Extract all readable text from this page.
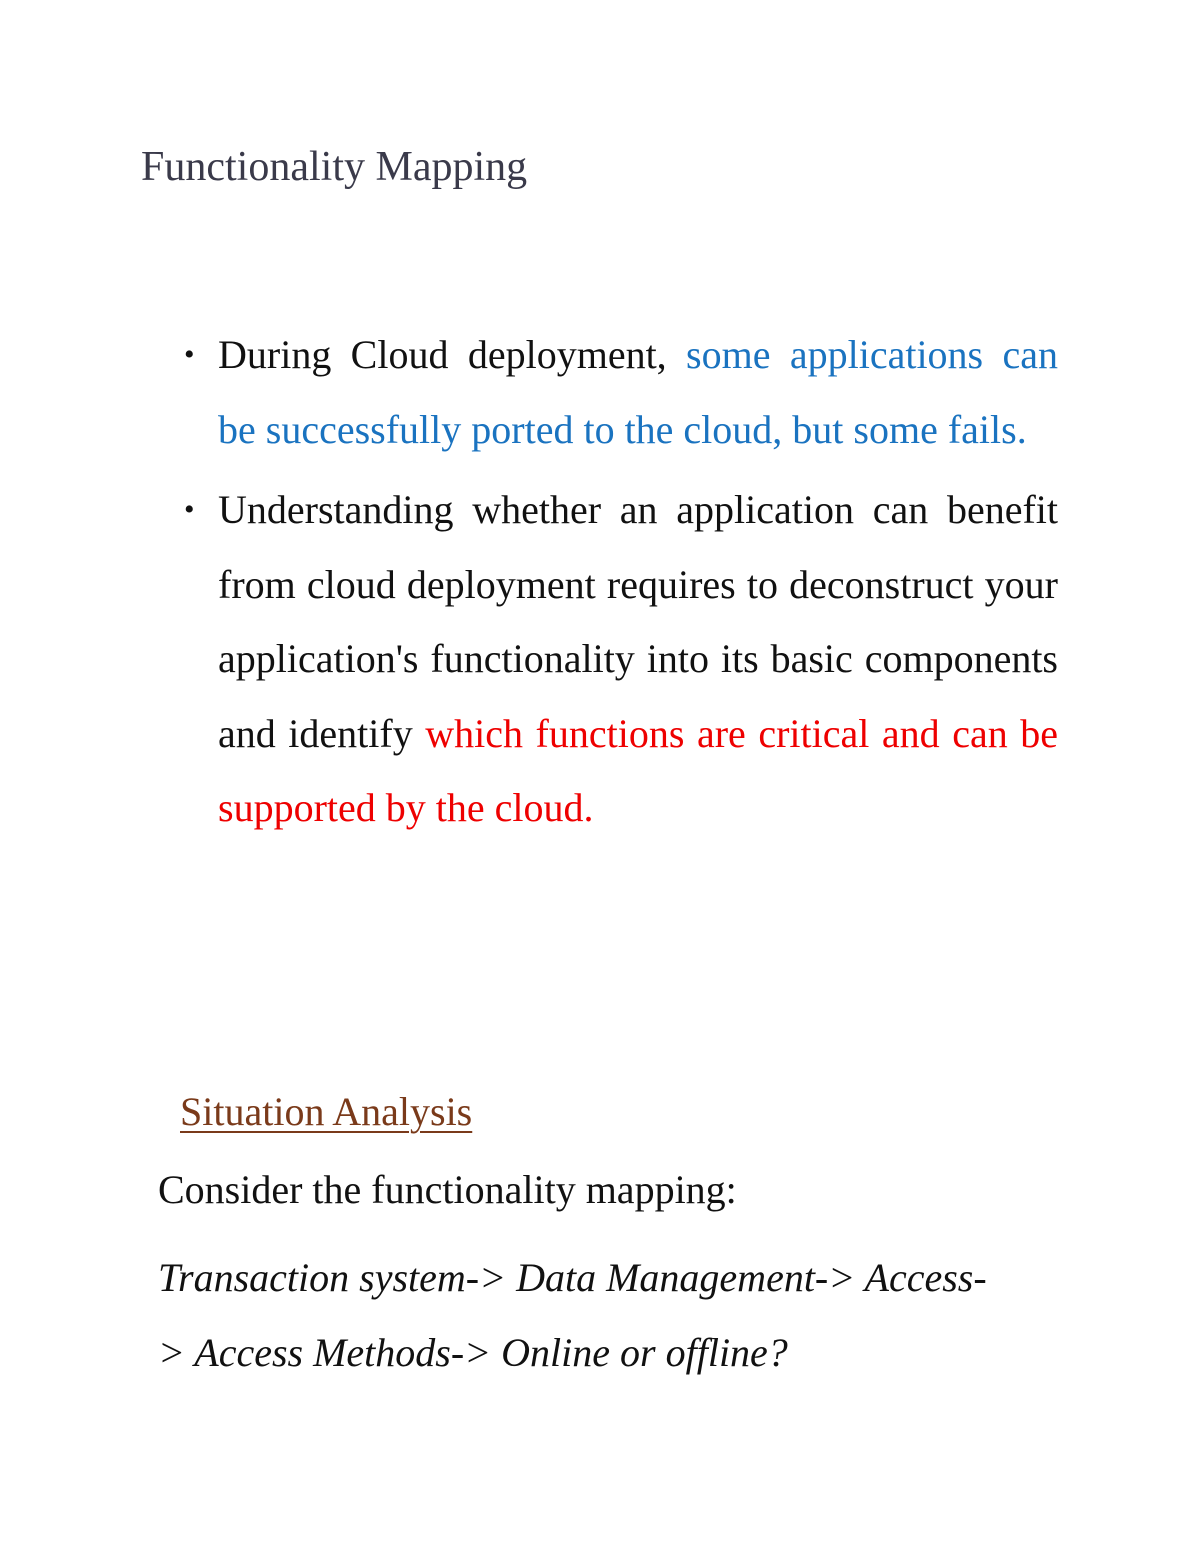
Functionality Mapping
• During Cloud deployment, some applications can be successfully ported to the cloud, but some fails.
• Understanding whether an application can benefit from cloud deployment requires to deconstruct your application's functionality into its basic components and identify which functions are critical and can be supported by the cloud.
Situation Analysis
Consider the functionality mapping:
Transaction system-> Data Management-> Access-
> Access Methods-> Online or offline?
